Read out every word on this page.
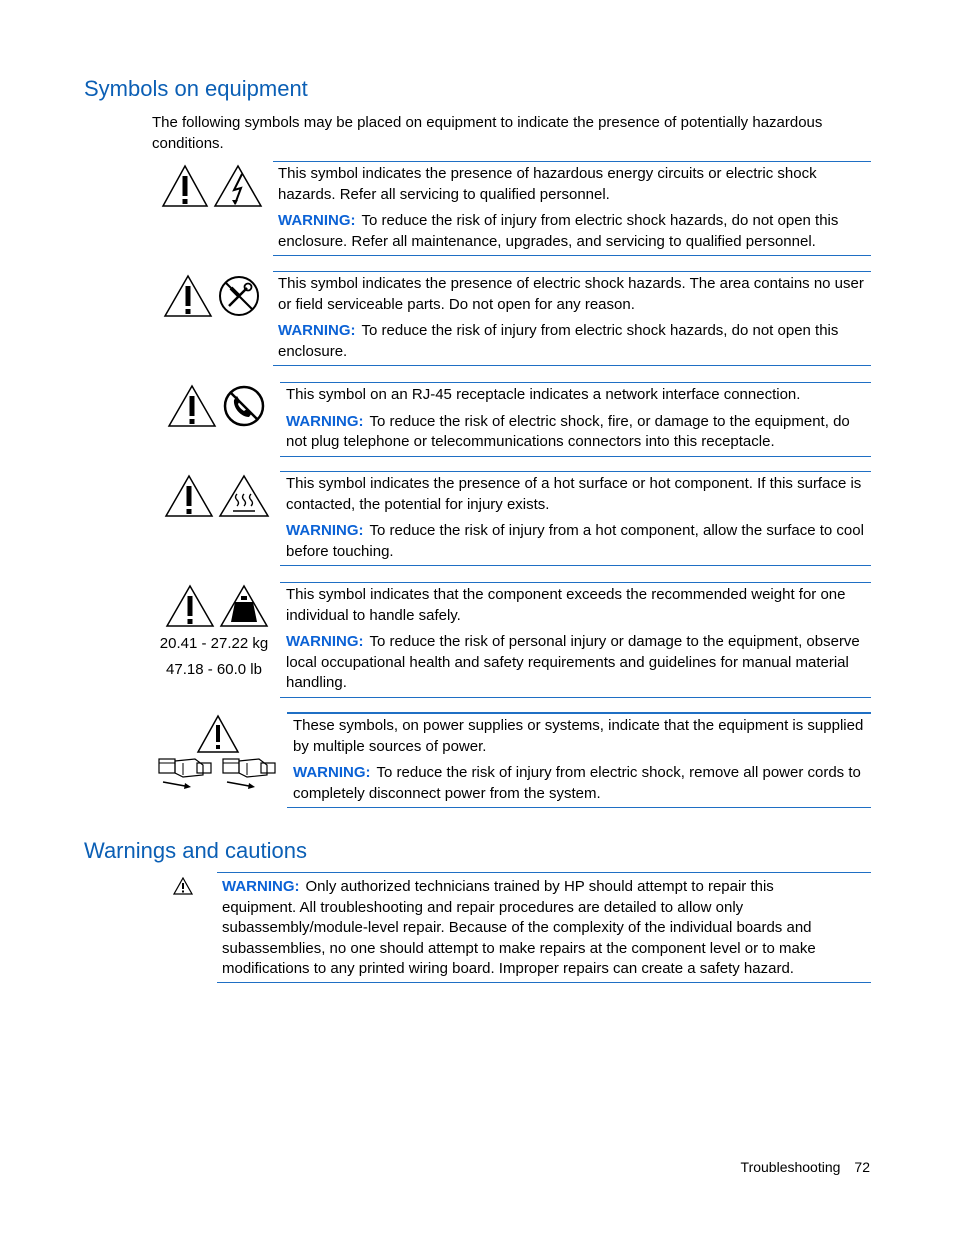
Symbols on equipment

The following symbols may be placed on equipment to indicate the presence of potentially hazardous conditions.

This symbol indicates the presence of hazardous energy circuits or electric shock hazards. Refer all servicing to qualified personnel.

WARNING: To reduce the risk of injury from electric shock hazards, do not open this enclosure. Refer all maintenance, upgrades, and servicing to qualified personnel.

This symbol indicates the presence of electric shock hazards. The area contains no user or field serviceable parts. Do not open for any reason.

WARNING: To reduce the risk of injury from electric shock hazards, do not open this enclosure.

This symbol on an RJ-45 receptacle indicates a network interface connection.

WARNING: To reduce the risk of electric shock, fire, or damage to the equipment, do not plug telephone or telecommunications connectors into this receptacle.

This symbol indicates the presence of a hot surface or hot component. If this surface is contacted, the potential for injury exists.

WARNING: To reduce the risk of injury from a hot component, allow the surface to cool before touching.

20.41 - 27.22 kg
47.18 - 60.0 lb

This symbol indicates that the component exceeds the recommended weight for one individual to handle safely.

WARNING: To reduce the risk of personal injury or damage to the equipment, observe local occupational health and safety requirements and guidelines for manual material handling.

These symbols, on power supplies or systems, indicate that the equipment is supplied by multiple sources of power.

WARNING: To reduce the risk of injury from electric shock, remove all power cords to completely disconnect power from the system.

Warnings and cautions

WARNING: Only authorized technicians trained by HP should attempt to repair this equipment. All troubleshooting and repair procedures are detailed to allow only subassembly/module-level repair. Because of the complexity of the individual boards and subassemblies, no one should attempt to make repairs at the component level or to make modifications to any printed wiring board. Improper repairs can create a safety hazard.

Troubleshooting 72
